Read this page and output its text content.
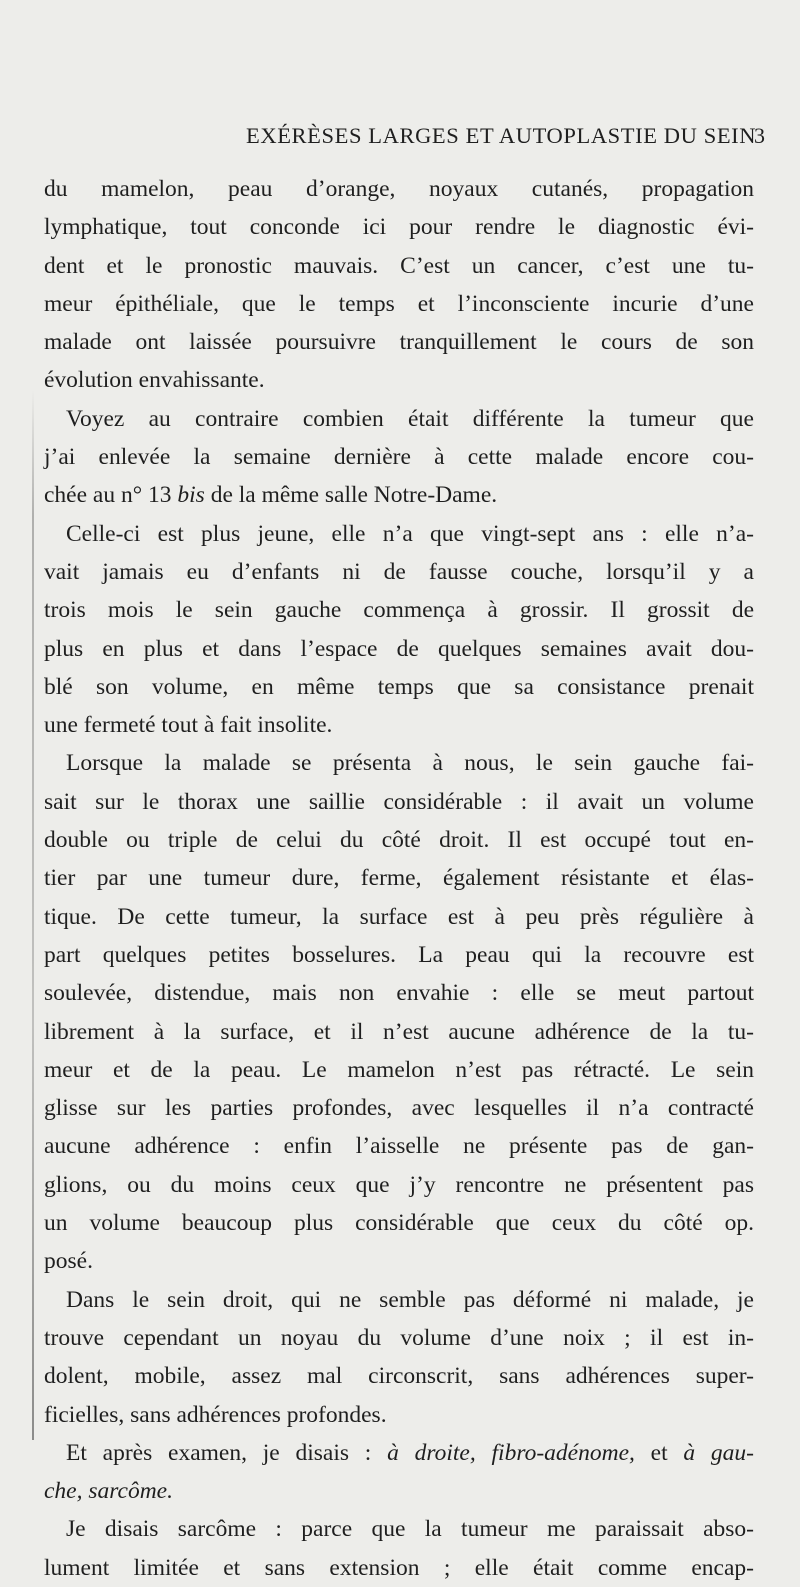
EXÉRÈSES LARGES ET AUTOPLASTIE DU SEIN
3
du mamelon, peau d’orange, noyaux cutanés, propagation
lymphatique, tout conconde ici pour rendre le diagnostic évi-
dent et le pronostic mauvais. C’est un cancer, c’est une tu-
meur épithéliale, que le temps et l’inconsciente incurie d’une
malade ont laissée poursuivre tranquillement le cours de son
évolution envahissante.
Voyez au contraire combien était différente la tumeur que
j’ai enlevée la semaine dernière à cette malade encore cou-
chée au n° 13 bis de la même salle Notre-Dame.
Celle-ci est plus jeune, elle n’a que vingt-sept ans : elle n’a-
vait jamais eu d’enfants ni de fausse couche, lorsqu’il y a
trois mois le sein gauche commença à grossir. Il grossit de
plus en plus et dans l’espace de quelques semaines avait dou-
blé son volume, en même temps que sa consistance prenait
une fermeté tout à fait insolite.
Lorsque la malade se présenta à nous, le sein gauche fai-
sait sur le thorax une saillie considérable : il avait un volume
double ou triple de celui du côté droit. Il est occupé tout en-
tier par une tumeur dure, ferme, également résistante et élas-
tique. De cette tumeur, la surface est à peu près régulière à
part quelques petites bosselures. La peau qui la recouvre est
soulevée, distendue, mais non envahie : elle se meut partout
librement à la surface, et il n’est aucune adhérence de la tu-
meur et de la peau. Le mamelon n’est pas rétracté. Le sein
glisse sur les parties profondes, avec lesquelles il n’a contracté
aucune adhérence : enfin l’aisselle ne présente pas de gan-
glions, ou du moins ceux que j’y rencontre ne présentent pas
un volume beaucoup plus considérable que ceux du côté op.
posé.
Dans le sein droit, qui ne semble pas déformé ni malade, je
trouve cependant un noyau du volume d’une noix ; il est in-
dolent, mobile, assez mal circonscrit, sans adhérences super-
ficielles, sans adhérences profondes.
Et après examen, je disais : à droite, fibro-adénome, et à gau-
che, sarcôme.
Je disais sarcôme : parce que la tumeur me paraissait abso-
lument limitée et sans extension ; elle était comme encap-
